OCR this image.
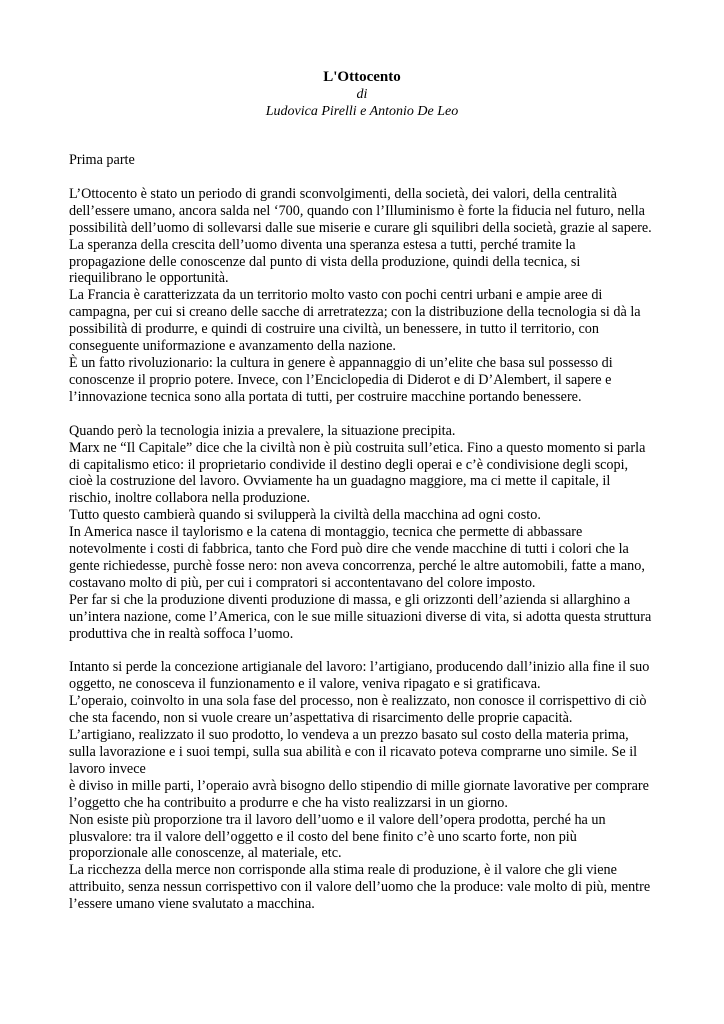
L'Ottocento

di

Ludovica Pirelli e Antonio De Leo

Prima parte

L’Ottocento è stato un periodo di grandi sconvolgimenti, della società, dei valori, della centralità dell’essere umano, ancora salda nel ‘700, quando con l’Illuminismo è forte la fiducia nel futuro, nella possibilità dell’uomo di sollevarsi dalle sue miserie e curare gli squilibri della società, grazie al sapere.

La speranza della crescita dell’uomo diventa una speranza estesa a tutti, perché tramite la propagazione delle conoscenze dal punto di vista della produzione, quindi della tecnica, si riequilibrano le opportunità.

La Francia è caratterizzata da un territorio molto vasto con pochi centri urbani e ampie aree di campagna, per cui si creano delle sacche di arretratezza; con la distribuzione della tecnologia si dà la possibilità di produrre, e quindi di costruire una civiltà, un benessere, in tutto il territorio, con conseguente uniformazione e avanzamento della nazione.

È un fatto rivoluzionario: la cultura in genere è appannaggio di un’elite che basa sul possesso di conoscenze il proprio potere. Invece, con l’Enciclopedia di Diderot e di D’Alembert, il sapere e l’innovazione tecnica sono alla portata di tutti, per costruire macchine portando benessere.

Quando però la tecnologia inizia a prevalere, la situazione precipita.

Marx ne “Il Capitale” dice che la civiltà non è più costruita sull’etica. Fino a questo momento si parla di capitalismo etico: il proprietario condivide il destino degli operai e c’è condivisione degli scopi, cioè la costruzione del lavoro. Ovviamente ha un guadagno maggiore, ma ci mette il capitale, il rischio, inoltre collabora nella produzione.

Tutto questo cambierà quando si svilupperà la civiltà della macchina ad ogni costo.

In America nasce il taylorismo e la catena di montaggio, tecnica che permette di abbassare notevolmente i costi di fabbrica, tanto che Ford può dire che vende macchine di tutti i colori che la gente richiedesse, purchè fosse nero: non aveva concorrenza, perché le altre automobili, fatte a mano, costavano molto di più, per cui i compratori si accontentavano del colore imposto.

Per far si che la produzione diventi produzione di massa, e gli orizzonti dell’azienda si allarghino a un’intera nazione, come l’America, con le sue mille situazioni diverse di vita, si adotta questa struttura produttiva che in realtà soffoca l’uomo.

Intanto si perde la concezione artigianale del lavoro: l’artigiano, producendo dall’inizio alla fine il suo oggetto, ne conosceva il funzionamento e il valore, veniva ripagato e si gratificava.

L’operaio, coinvolto in una sola fase del processo, non è realizzato, non conosce il corrispettivo di ciò che sta facendo, non si vuole creare un’aspettativa di risarcimento delle proprie capacità.

L’artigiano, realizzato il suo prodotto, lo vendeva a un prezzo basato sul costo della materia prima, sulla lavorazione e i suoi tempi, sulla sua abilità e con il ricavato poteva comprarne uno simile. Se il lavoro invece

è diviso in mille parti, l’operaio avrà bisogno dello stipendio di mille giornate lavorative per comprare l’oggetto che ha contribuito a produrre e che ha visto realizzarsi in un giorno.

Non esiste più proporzione tra il lavoro dell’uomo e il valore dell’opera prodotta, perché ha un plusvalore: tra il valore dell’oggetto e il costo del bene finito c’è uno scarto forte, non più proporzionale alle conoscenze, al materiale, etc.

La ricchezza della merce non corrisponde alla stima reale di produzione, è il valore che gli viene attribuito, senza nessun corrispettivo con il valore dell’uomo che la produce: vale molto di più, mentre l’essere umano viene svalutato a macchina.
